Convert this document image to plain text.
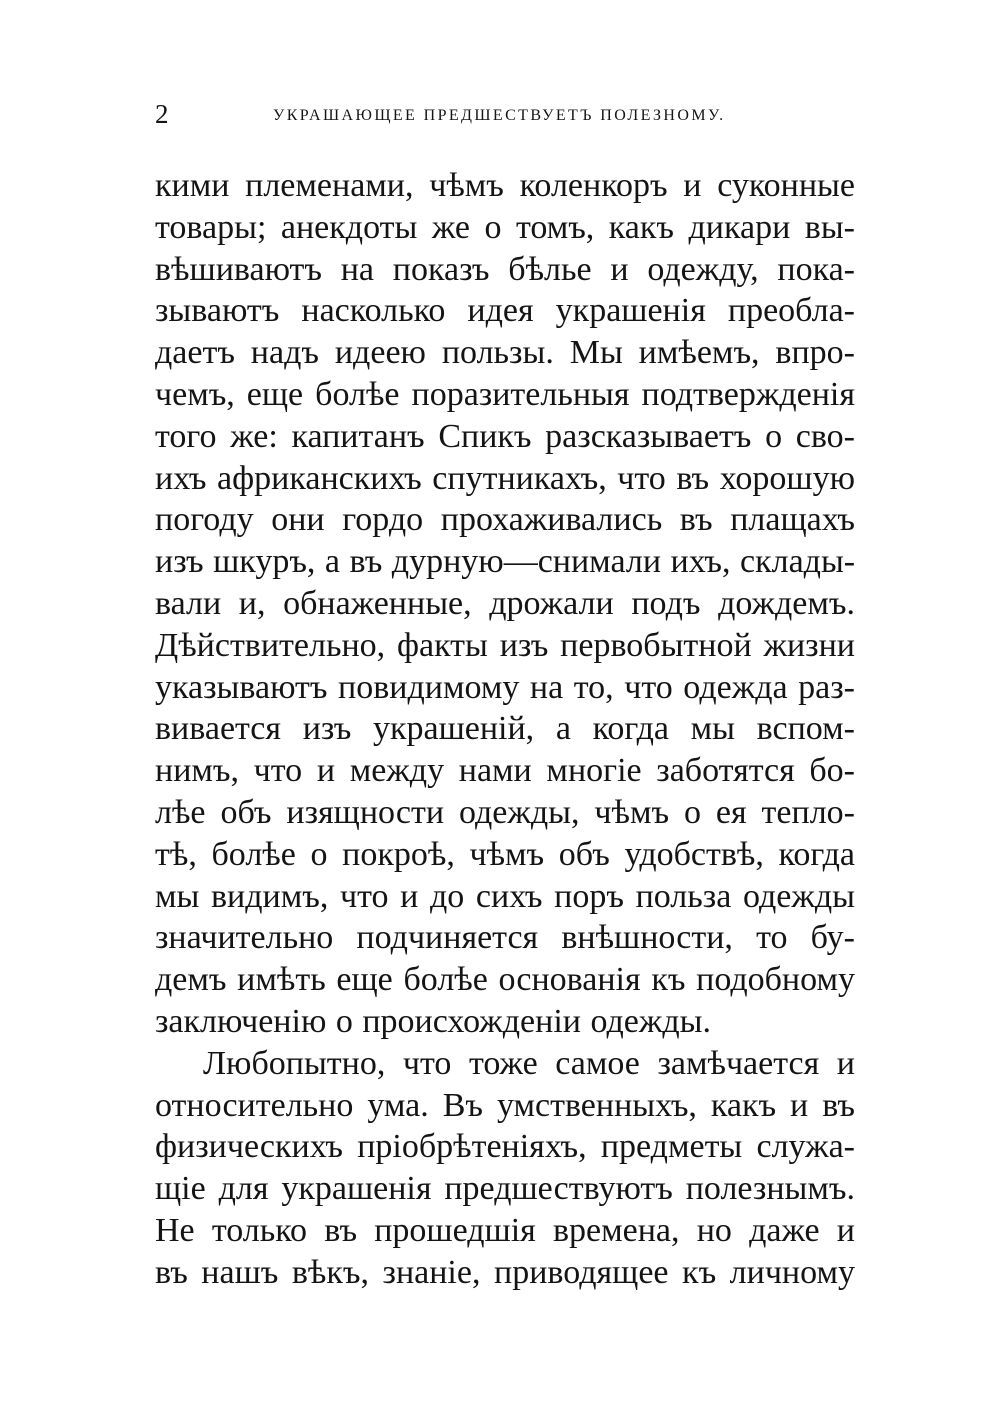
2	УКРАШАЮЩЕЕ ПРЕДШЕСТВУЕТЪ ПОЛЕЗНОМУ.
кими племенами, чѣмъ коленкоръ и суконные
товары; анекдоты же о томъ, какъ дикари вы-
вѣшиваютъ на показъ бѣлье и одежду, пока-
зываютъ насколько идея украшенія преобла-
даетъ надъ идеею пользы. Мы имѣемъ, впро-
чемъ, еще болѣе поразительныя подтвержденія
того же: капитанъ Спикъ разсказываетъ о сво-
ихъ африканскихъ спутникахъ, что въ хорошую
погоду они гордо прохаживались въ плащахъ
изъ шкуръ, а въ дурную—снимали ихъ, склады-
вали и, обнаженные, дрожали подъ дождемъ.
Дѣйствительно, факты изъ первобытной жизни
указываютъ повидимому на то, что одежда раз-
вивается изъ украшеній, а когда мы вспом-
нимъ, что и между нами многіе заботятся бо-
лѣе объ изящности одежды, чѣмъ о ея тепло-
тѣ, болѣе о покроѣ, чѣмъ объ удобствѣ, когда
мы видимъ, что и до сихъ поръ польза одежды
значительно подчиняется внѣшности, то бу-
демъ имѣть еще болѣе основанія къ подобному
заключенію о происхожденіи одежды.
Любопытно, что тоже самое замѣчается и
относительно ума. Въ умственныхъ, какъ и въ
физическихъ пріобрѣтеніяхъ, предметы служа-
щіе для украшенія предшествуютъ полезнымъ.
Не только въ прошедшія времена, но даже и
въ нашъ вѣкъ, знаніе, приводящее къ личному
